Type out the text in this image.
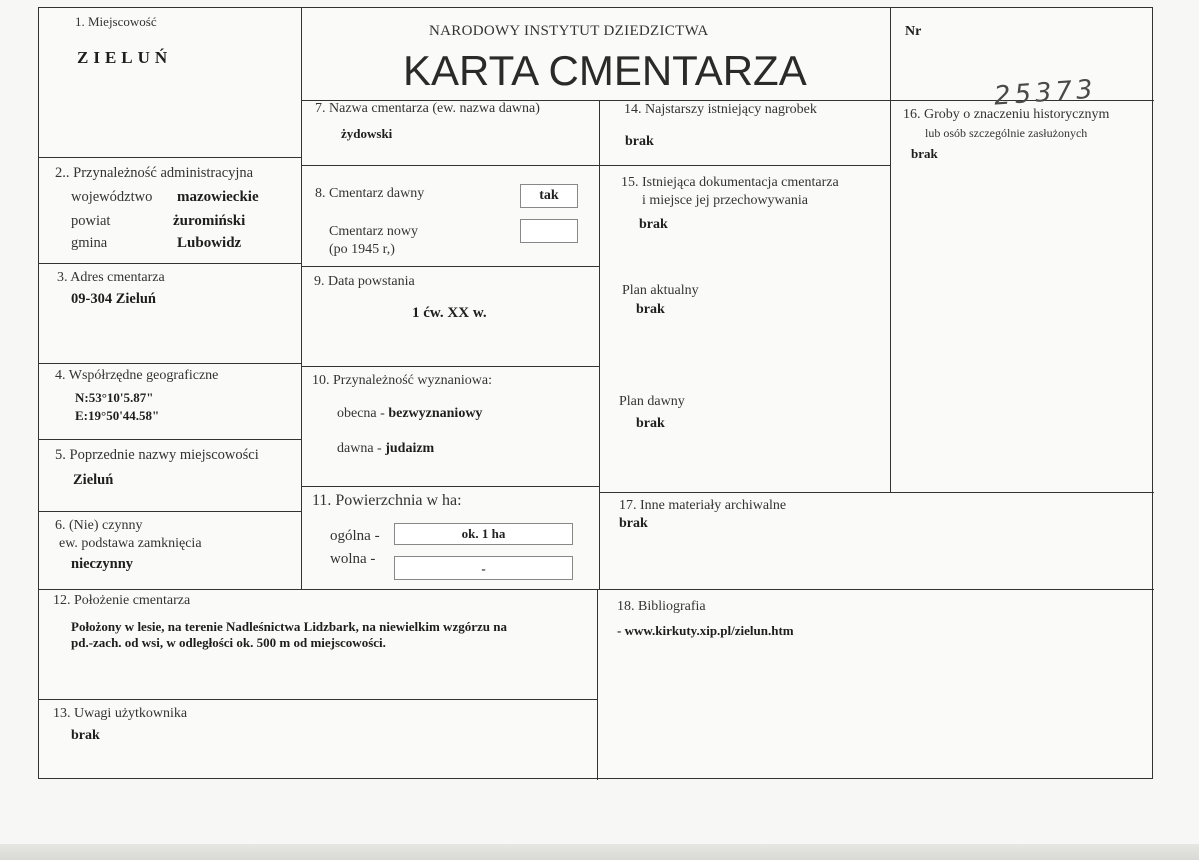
NARODOWY INSTYTUT DZIEDZICTWA
KARTA CMENTARZA
Nr
25373
1. Miejscowość
ZIELUŃ
2.. Przynależność administracyjna
województwo mazowieckie
powiat	żuromiński
gmina	Lubowidz
3. Adres cmentarza
09-304 Zieluń
4. Współrzędne geograficzne
N:53°10'5.87"
E:19°50'44.58"
5. Poprzednie nazwy miejscowości
Zieluń
6. (Nie) czynny
ew. podstawa zamknięcia
nieczynny
7. Nazwa cmentarza (ew. nazwa dawna)
żydowski
8. Cmentarz dawny	tak
Cmentarz nowy
(po 1945 r,)
9. Data powstania
1 ćw. XX w.
10. Przynależność wyznaniowa:
obecna - bezwyznaniowy
dawna - judaizm
11. Powierzchnia w ha:
ogólna -	ok. 1 ha
wolna -
-
12. Położenie cmentarza
Położony w lesie, na terenie Nadleśnictwa Lidzbark, na niewielkim wzgórzu na
pd.-zach. od wsi, w odległości ok. 500 m od miejscowości.
13. Uwagi użytkownika
brak
14. Najstarszy istniejący nagrobek
brak
15. Istniejąca dokumentacja cmentarza
i miejsce jej przechowywania
brak
Plan aktualny
brak
Plan dawny
brak
16. Groby o znaczeniu historycznym
lub osób szczególnie zasłużonych
brak
17. Inne materiały archiwalne
brak
18. Bibliografia
- www.kirkuty.xip.pl/zielun.htm
